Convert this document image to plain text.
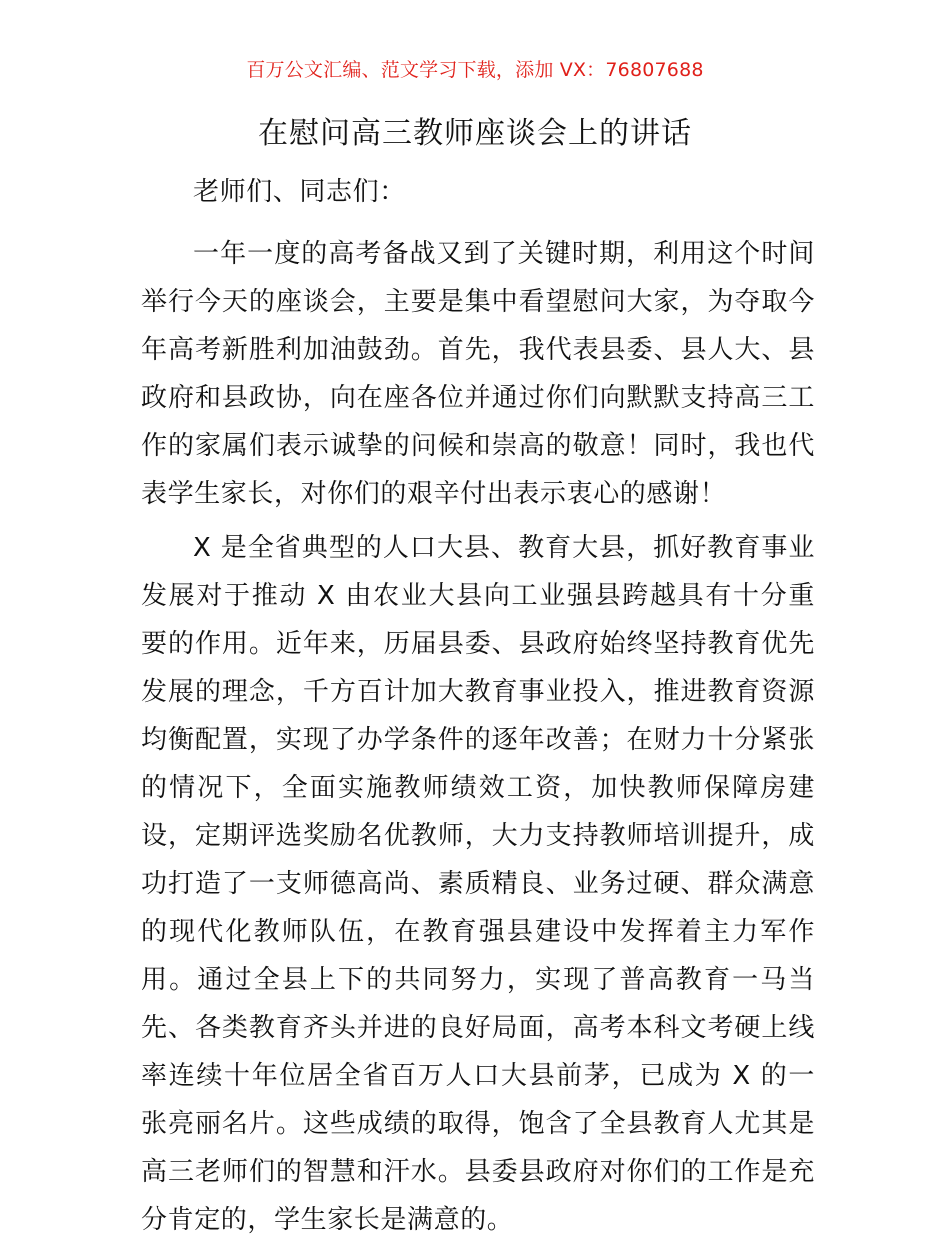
百万公文汇编、范文学习下载，添加 VX：76807688
在慰问高三教师座谈会上的讲话

老师们、同志们：

一年一度的高考备战又到了关键时期，利用这个时间举行今天的座谈会，主要是集中看望慰问大家，为夺取今年高考新胜利加油鼓劲。首先，我代表县委、县人大、县政府和县政协，向在座各位并通过你们向默默支持高三工作的家属们表示诚挚的问候和崇高的敬意！同时，我也代表学生家长，对你们的艰辛付出表示衷心的感谢！

X 是全省典型的人口大县、教育大县，抓好教育事业发展对于推动 X 由农业大县向工业强县跨越具有十分重要的作用。近年来，历届县委、县政府始终坚持教育优先发展的理念，千方百计加大教育事业投入，推进教育资源均衡配置，实现了办学条件的逐年改善；在财力十分紧张的情况下，全面实施教师绩效工资，加快教师保障房建设，定期评选奖励名优教师，大力支持教师培训提升，成功打造了一支师德高尚、素质精良、业务过硬、群众满意的现代化教师队伍，在教育强县建设中发挥着主力军作用。通过全县上下的共同努力，实现了普高教育一马当先、各类教育齐头并进的良好局面，高考本科文考硬上线率连续十年位居全省百万人口大县前茅，已成为 X 的一张亮丽名片。这些成绩的取得，饱含了全县教育人尤其是高三老师们的智慧和汗水。县委县政府对你们的工作是充分肯定的，学生家长是满意的。
